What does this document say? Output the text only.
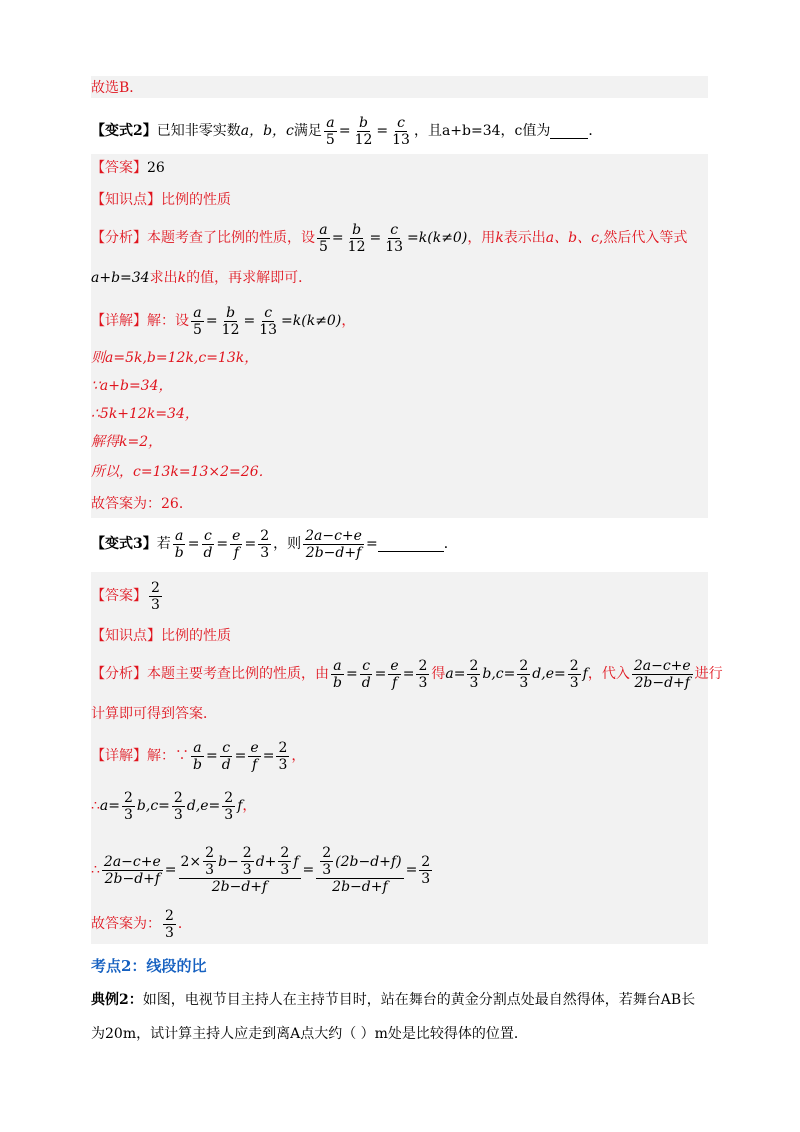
故选B．
【变式2】 已知非零实数 a，b，c 满足 $\frac{a}{5} = \frac{b}{12} = \frac{c}{13}$ ，且a+b=34，c值为	．
【答案】 26
【知识点】 比例的性质
【分析】 本题考查了比例的性质，设 $\frac{a}{5} = \frac{b}{12} = \frac{c}{13} =k(k\ne 0)$ ，用 k 表示出 a、b、c ,然后代入等式
a+b=34 求出 k 的值，再求解即可．
【详解】 解：设 $\frac{a}{5} = \frac{b}{12} = \frac{c}{13} =k(k\ne 0)$ ，
则a=5k,b=12k,c=13k，
∵a+b=34，
∴5k+12k=34，
解得k=2，
所以，c=13k=13×2=26．
故答案为：26．
【变式3】 若 $\frac{a}{b} = \frac{c}{d} = \frac{e}{f} = \frac{2}{3}$ ，则 $\frac{2a-c+e}{2b-d+f}$ =	．
【答案】 $\frac{2}{3}$
【知识点】 比例的性质
【分析】 本题主要考查比例的性质，由 $\frac{a}{b} = \frac{c}{d} = \frac{e}{f} = \frac{2}{3}$ 得 $a= \frac{2}{3}$ b $,c= \frac{2}{3}$ d $,e= \frac{2}{3}$ f ，代入 $\frac{2a-c+e}{2b-d+f}$ 进行
计算即可得到答案．
【详解】 解：∵ $\frac{a}{b} = \frac{c}{d} = \frac{e}{f} = \frac{2}{3}$ ，
∴ $a= \frac{2}{3}$ b $,c= \frac{2}{3}$ d $,e= \frac{2}{3}$ f ，
∴ $\frac{2a-c+e}{2b-d+f}$ =
$2\times \frac{2}{3} b- \frac{2}{3} d+ \frac{2}{3}$ f
2b−d+f
= $\frac{\frac{2}{3} (2b-d+f)}{2b-d+f} = \frac{2}{3}$
故答案为： $\frac{2}{3}$ ．
考点2：线段的比
典例2： 如图，电视节目主持人在主持节目时，站在舞台的黄金分割点处最自然得体，若舞台AB长
为20m，试计算主持人应走到离A点大约（ ）m处是比较得体的位置．
